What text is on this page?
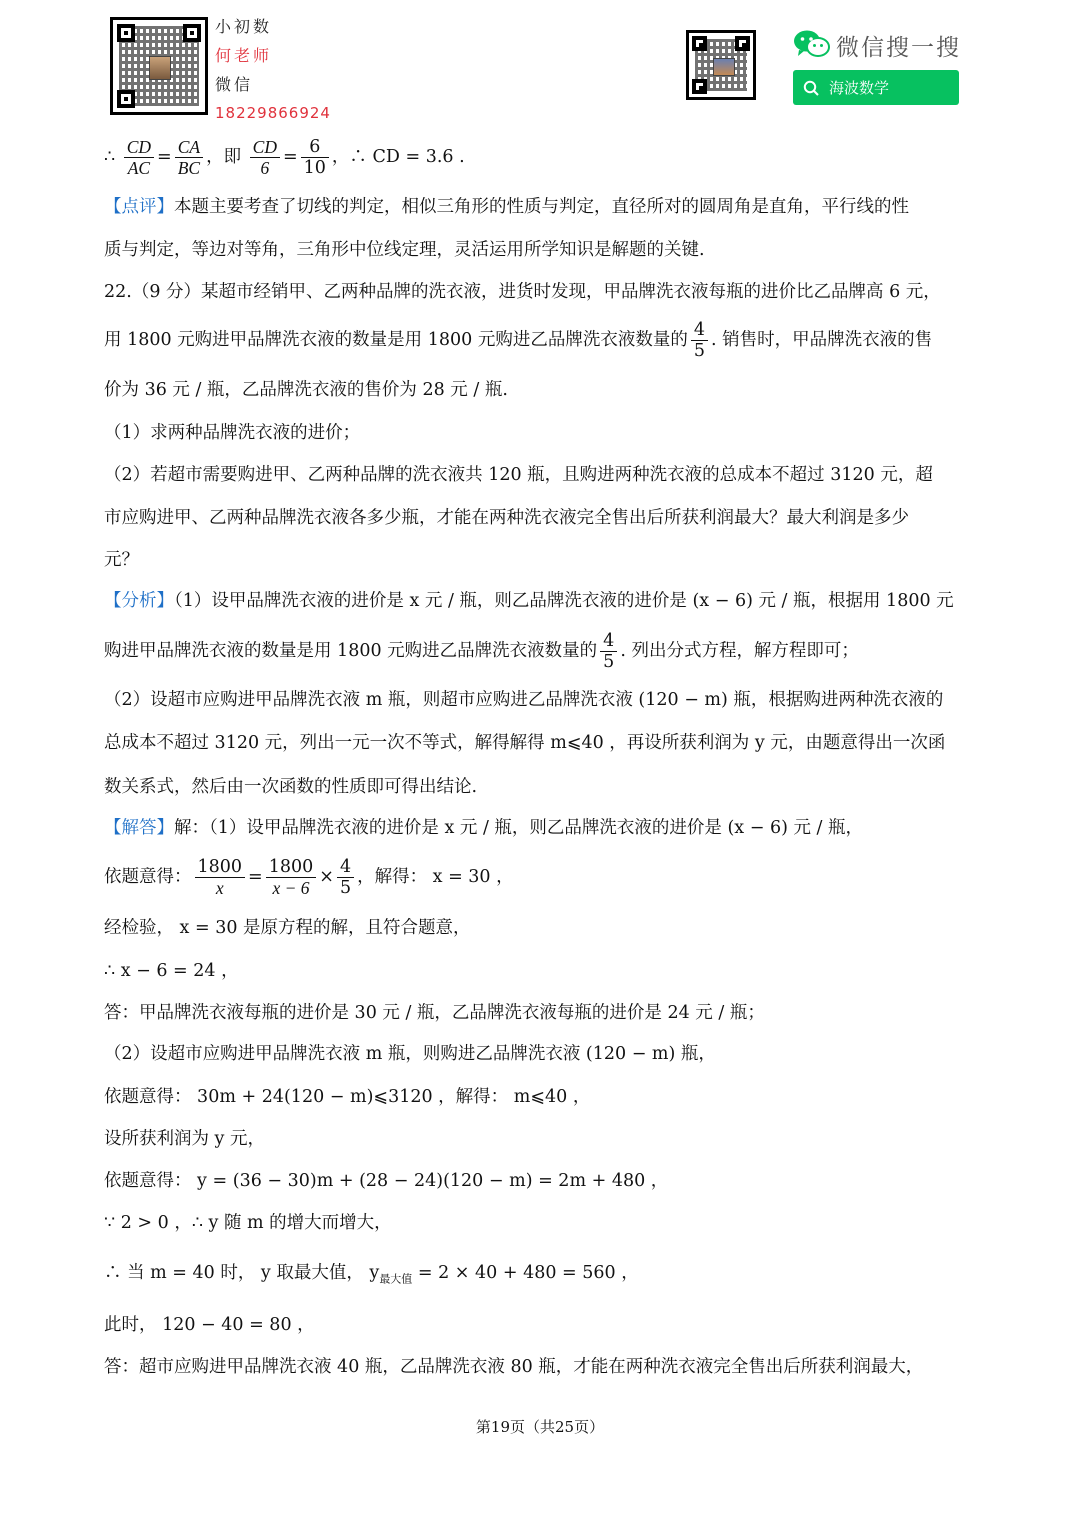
小初数
何老师
微信
18229866924
微信搜一搜
海波数学
∴ $\frac{CD}{AC} = \frac{CA}{BC}$ ，即 $\frac{CD}{6} = \frac{6}{10}$ ，∴ CD = 3.6 .
【点评】本题主要考查了切线的判定，相似三角形的性质与判定，直径所对的圆周角是直角，平行线的性
质与判定，等边对等角，三角形中位线定理，灵活运用所学知识是解题的关键.
22.（9 分）某超市经销甲、乙两种品牌的洗衣液，进货时发现，甲品牌洗衣液每瓶的进价比乙品牌高 6 元，
用 1800 元购进甲品牌洗衣液的数量是用 1800 元购进乙品牌洗衣液数量的 $\frac{4}{5}$ . 销售时，甲品牌洗衣液的售
价为 36 元 / 瓶，乙品牌洗衣液的售价为 28 元 / 瓶.
（1）求两种品牌洗衣液的进价；
（2）若超市需要购进甲、乙两种品牌的洗衣液共 120 瓶，且购进两种洗衣液的总成本不超过 3120 元，超
市应购进甲、乙两种品牌洗衣液各多少瓶，才能在两种洗衣液完全售出后所获利润最大？最大利润是多少
元？
【分析】（1）设甲品牌洗衣液的进价是 x 元 / 瓶，则乙品牌洗衣液的进价是 (x − 6) 元 / 瓶，根据用 1800 元
购进甲品牌洗衣液的数量是用 1800 元购进乙品牌洗衣液数量的 $\frac{4}{5}$ . 列出分式方程，解方程即可；
（2）设超市应购进甲品牌洗衣液 m 瓶，则超市应购进乙品牌洗衣液 (120 − m) 瓶，根据购进两种洗衣液的
总成本不超过 3120 元，列出一元一次不等式，解得解得 m⩽40 ，再设所获利润为 y 元，由题意得出一次函
数关系式，然后由一次函数的性质即可得出结论.
【解答】解：（1）设甲品牌洗衣液的进价是 x 元 / 瓶，则乙品牌洗衣液的进价是 (x − 6) 元 / 瓶，
依题意得： $\frac{1800}{x} = \frac{1800}{x - 6} \times \frac{4}{5}$ ，解得： x = 30 ，
经检验， x = 30 是原方程的解，且符合题意，
∴ x − 6 = 24 ，
答：甲品牌洗衣液每瓶的进价是 30 元 / 瓶，乙品牌洗衣液每瓶的进价是 24 元 / 瓶；
（2）设超市应购进甲品牌洗衣液 m 瓶，则购进乙品牌洗衣液 (120 − m) 瓶，
依题意得： 30m + 24(120 − m)⩽3120 ，解得： m⩽40 ，
设所获利润为 y 元，
依题意得： y = (36 − 30)m + (28 − 24)(120 − m) = 2m + 480 ，
∵ 2 > 0 ，∴ y 随 m 的增大而增大，
∴ 当 m = 40 时， y 取最大值， $y_{最大值} = 2 \times 40 + 480 = 560$ ，
此时， 120 − 40 = 80 ，
答：超市应购进甲品牌洗衣液 40 瓶，乙品牌洗衣液 80 瓶，才能在两种洗衣液完全售出后所获利润最大，
第19页（共25页）
